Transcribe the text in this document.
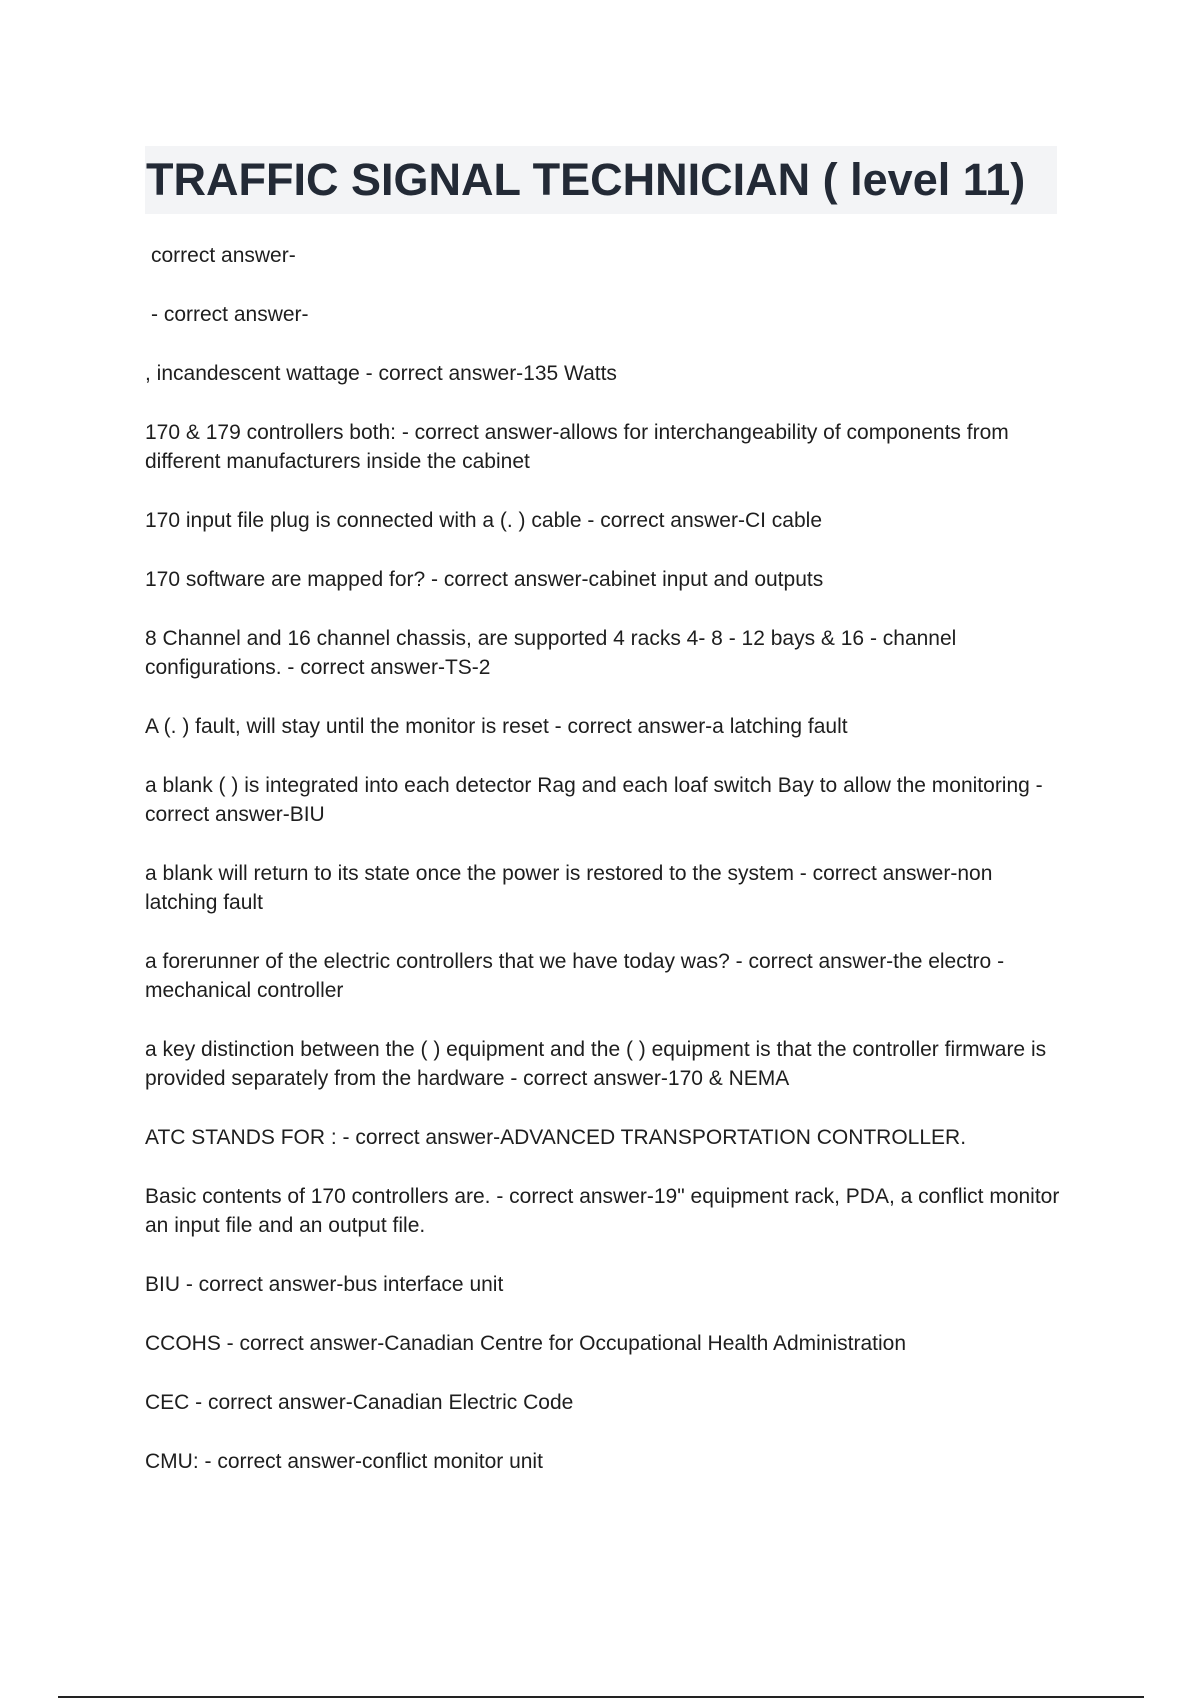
TRAFFIC SIGNAL TECHNICIAN ( level 11)

correct answer-

- correct answer-

, incandescent wattage - correct answer-135 Watts

170 & 179 controllers both: - correct answer-allows for interchangeability of components from different manufacturers inside the cabinet

170 input file plug is connected with a (. ) cable - correct answer-CI cable

170 software are mapped for? - correct answer-cabinet input and outputs

8 Channel and 16 channel chassis, are supported 4 racks 4- 8 - 12 bays & 16 - channel configurations. - correct answer-TS-2

A (. ) fault, will stay until the monitor is reset - correct answer-a latching fault

a blank ( ) is integrated into each detector Rag and each loaf switch Bay to allow the monitoring - correct answer-BIU

a blank will return to its state once the power is restored to the system - correct answer-non latching fault

a forerunner of the electric controllers that we have today was? - correct answer-the electro - mechanical controller

a key distinction between the ( ) equipment and the ( ) equipment is that the controller firmware is provided separately from the hardware - correct answer-170 & NEMA

ATC STANDS FOR : - correct answer-ADVANCED TRANSPORTATION CONTROLLER.

Basic contents of 170 controllers are. - correct answer-19" equipment rack, PDA, a conflict monitor an input file and an output file.

BIU - correct answer-bus interface unit

CCOHS - correct answer-Canadian Centre for Occupational Health Administration

CEC - correct answer-Canadian Electric Code

CMU: - correct answer-conflict monitor unit
